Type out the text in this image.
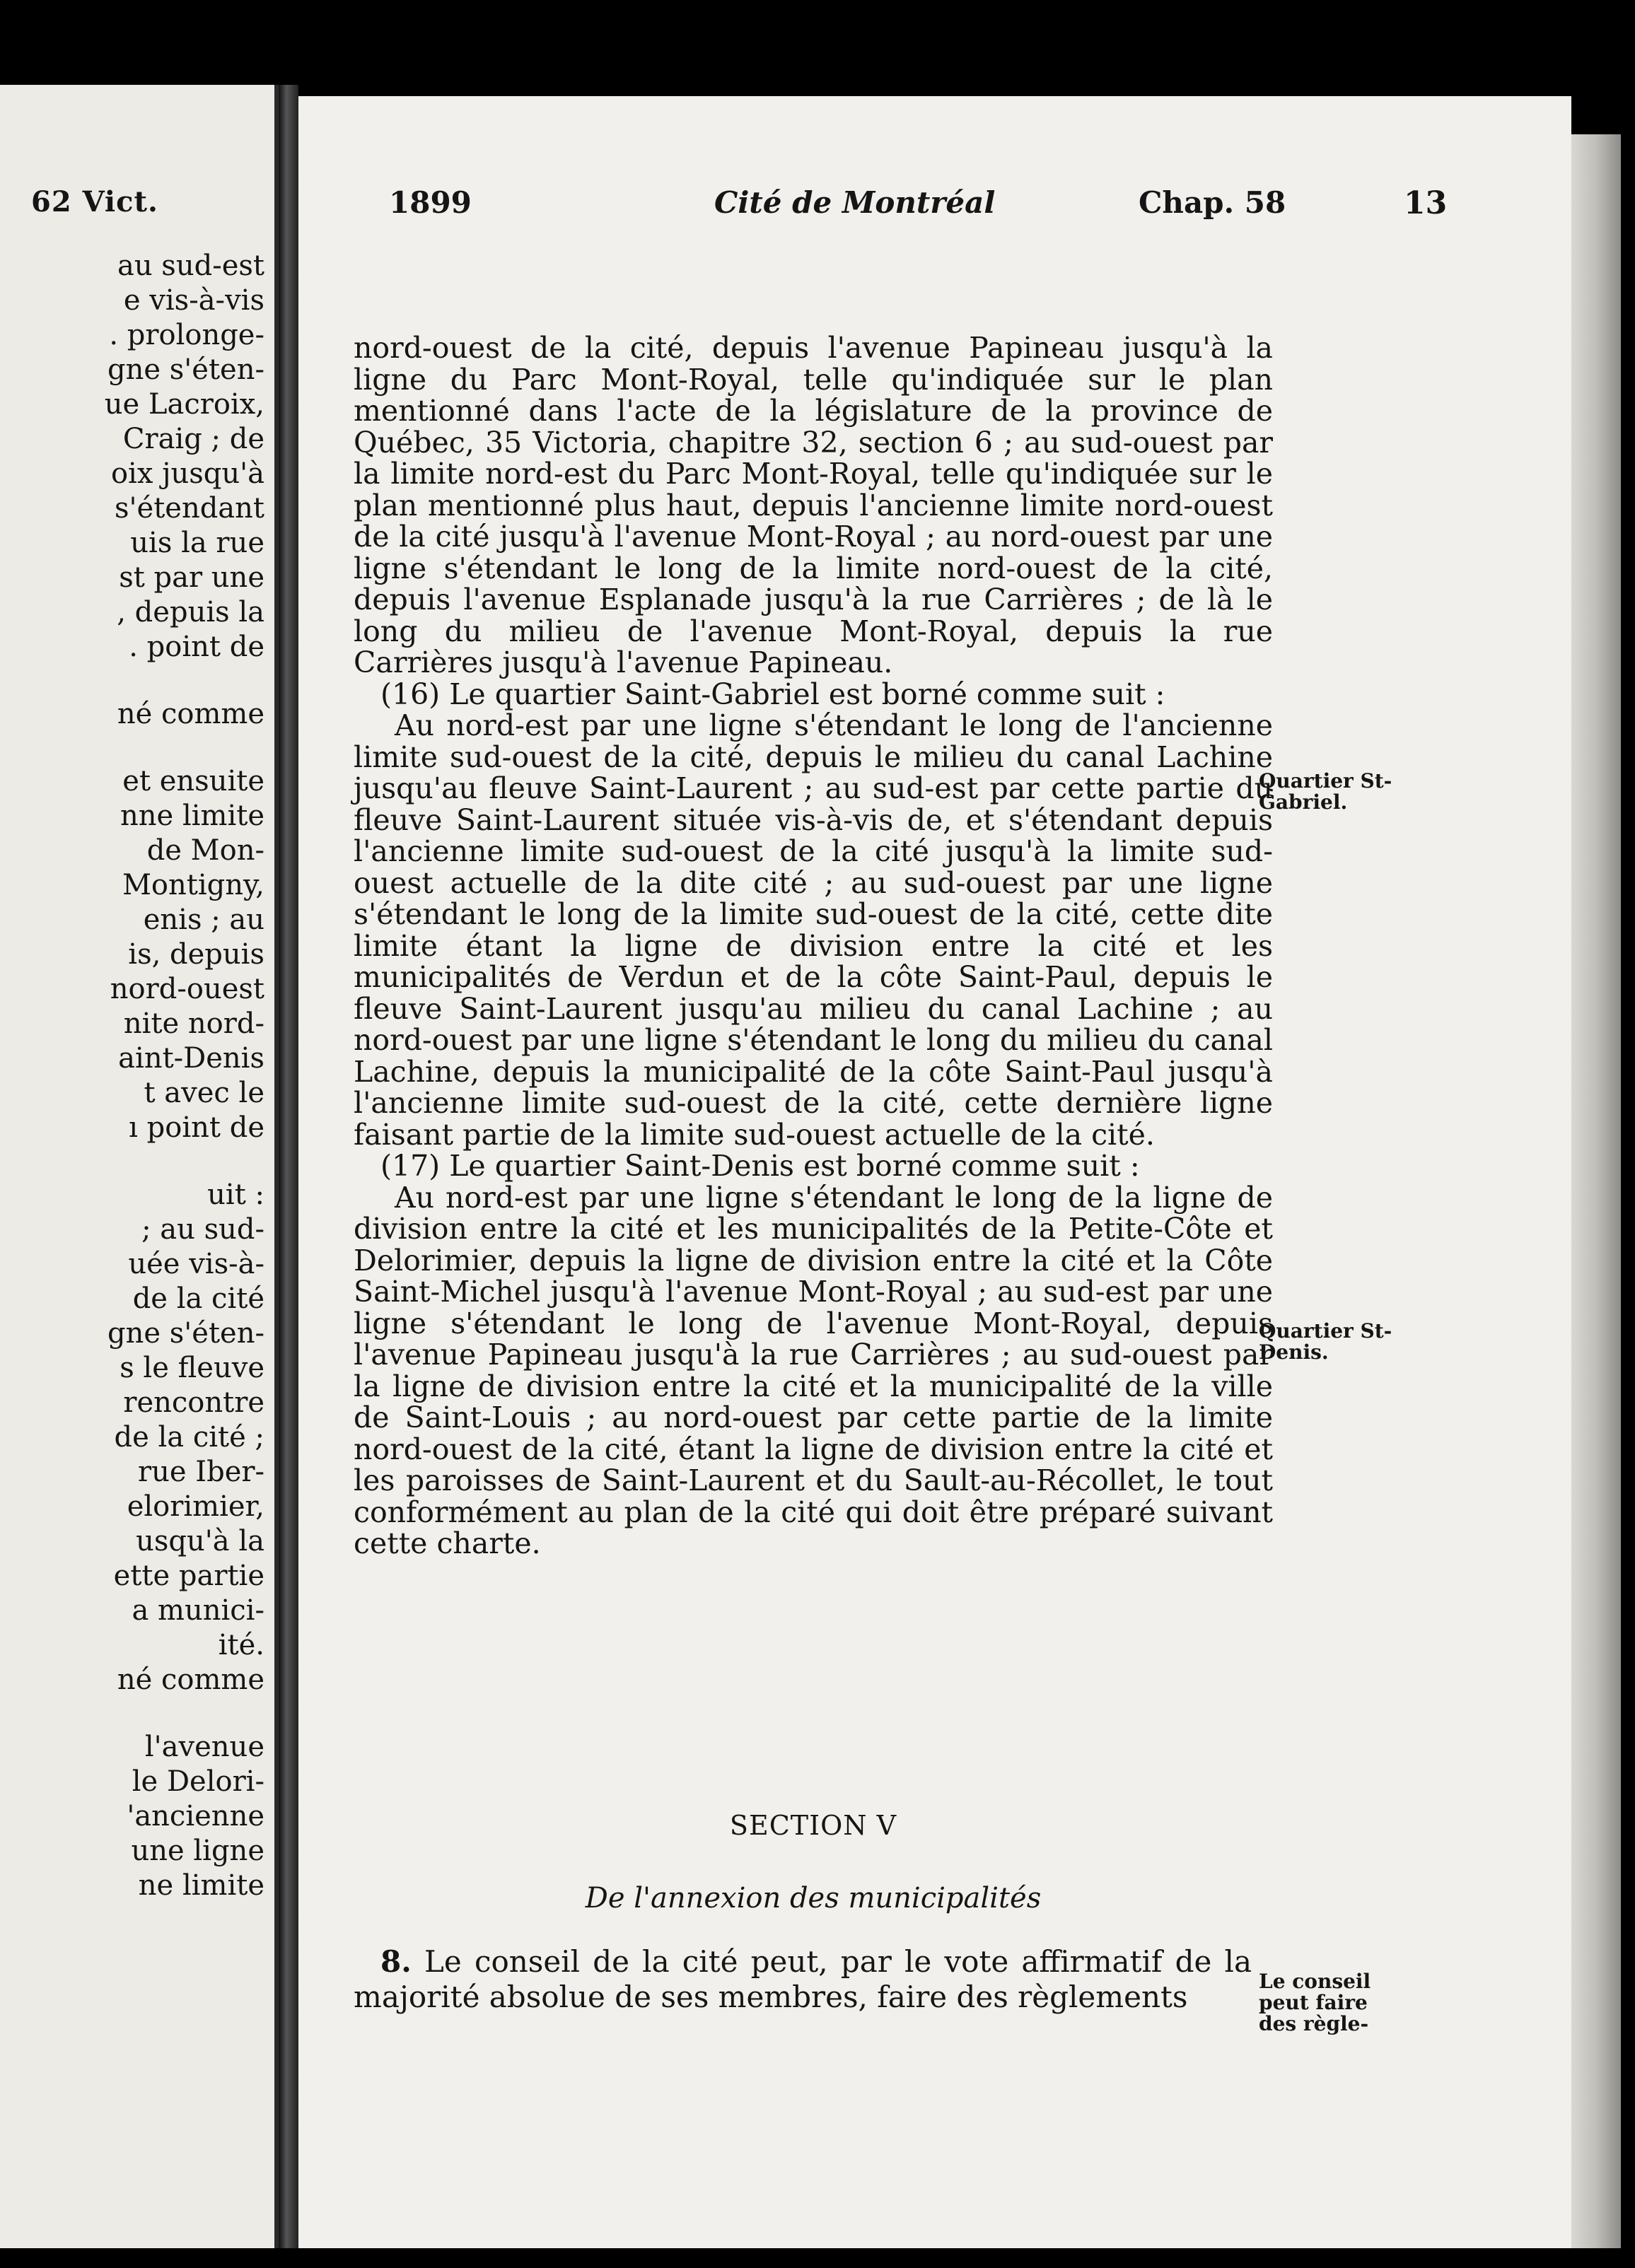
62 Vict.
au sud-est
e vis-à-vis
. prolonge-
gne s'éten-
ue Lacroix,
Craig ; de
oix jusqu'à
s'étendant
uis la rue
st par une
, depuis la
. point de
né comme
et ensuite
nne limite
de Mon-
Montigny,
enis ; au
is, depuis
nord-ouest
nite nord-
aint-Denis
t avec le
ı point de
uit :
; au sud-
uée vis-à-
de la cité
gne s'éten-
s le fleuve
rencontre
de la cité ;
rue Iber-
elorimier,
usqu'à la
ette partie
a munici-
ité.
né comme
l'avenue
le Delori-
'ancienne
une ligne
ne limite
1899	Cité de Montréal	Chap. 58	13

nord-ouest de la cité, depuis l'avenue Papineau jusqu'à la ligne du Parc Mont-Royal, telle qu'indiquée sur le plan mentionné dans l'acte de la législature de la province de Québec, 35 Victoria, chapitre 32, section 6 ; au sud-ouest par la limite nord-est du Parc Mont-Royal, telle qu'indiquée sur le plan mentionné plus haut, depuis l'ancienne limite nord-ouest de la cité jusqu'à l'avenue Mont-Royal ; au nord-ouest par une ligne s'étendant le long de la limite nord-ouest de la cité, depuis l'avenue Esplanade jusqu'à la rue Carrières ; de là le long du milieu de l'avenue Mont-Royal, depuis la rue Carrières jusqu'à l'avenue Papineau.

(16) Le quartier Saint-Gabriel est borné comme suit :

Au nord-est par une ligne s'étendant le long de l'ancienne limite sud-ouest de la cité, depuis le milieu du canal Lachine jusqu'au fleuve Saint-Laurent ; au sud-est par cette partie du fleuve Saint-Laurent située vis-à-vis de, et s'étendant depuis l'ancienne limite sud-ouest de la cité jusqu'à la limite sud-ouest actuelle de la dite cité ; au sud-ouest par une ligne s'étendant le long de la limite sud-ouest de la cité, cette dite limite étant la ligne de division entre la cité et les municipalités de Verdun et de la côte Saint-Paul, depuis le fleuve Saint-Laurent jusqu'au milieu du canal Lachine ; au nord-ouest par une ligne s'étendant le long du milieu du canal Lachine, depuis la municipalité de la côte Saint-Paul jusqu'à l'ancienne limite sud-ouest de la cité, cette dernière ligne faisant partie de la limite sud-ouest actuelle de la cité.

(17) Le quartier Saint-Denis est borné comme suit :

Au nord-est par une ligne s'étendant le long de la ligne de division entre la cité et les municipalités de la Petite-Côte et Delorimier, depuis la ligne de division entre la cité et la Côte Saint-Michel jusqu'à l'avenue Mont-Royal ; au sud-est par une ligne s'étendant le long de l'avenue Mont-Royal, depuis l'avenue Papineau jusqu'à la rue Carrières ; au sud-ouest par la ligne de division entre la cité et la municipalité de la ville de Saint-Louis ; au nord-ouest par cette partie de la limite nord-ouest de la cité, étant la ligne de division entre la cité et les paroisses de Saint-Laurent et du Sault-au-Récollet, le tout conformément au plan de la cité qui doit être préparé suivant cette charte.

SECTION V
De l'annexion des municipalités

8. Le conseil de la cité peut, par le vote affirmatif de la majorité absolue de ses membres, faire des règlements

Quartier St-
Gabriel.
Quartier St-
Denis.
Le conseil
peut faire
des règle-
